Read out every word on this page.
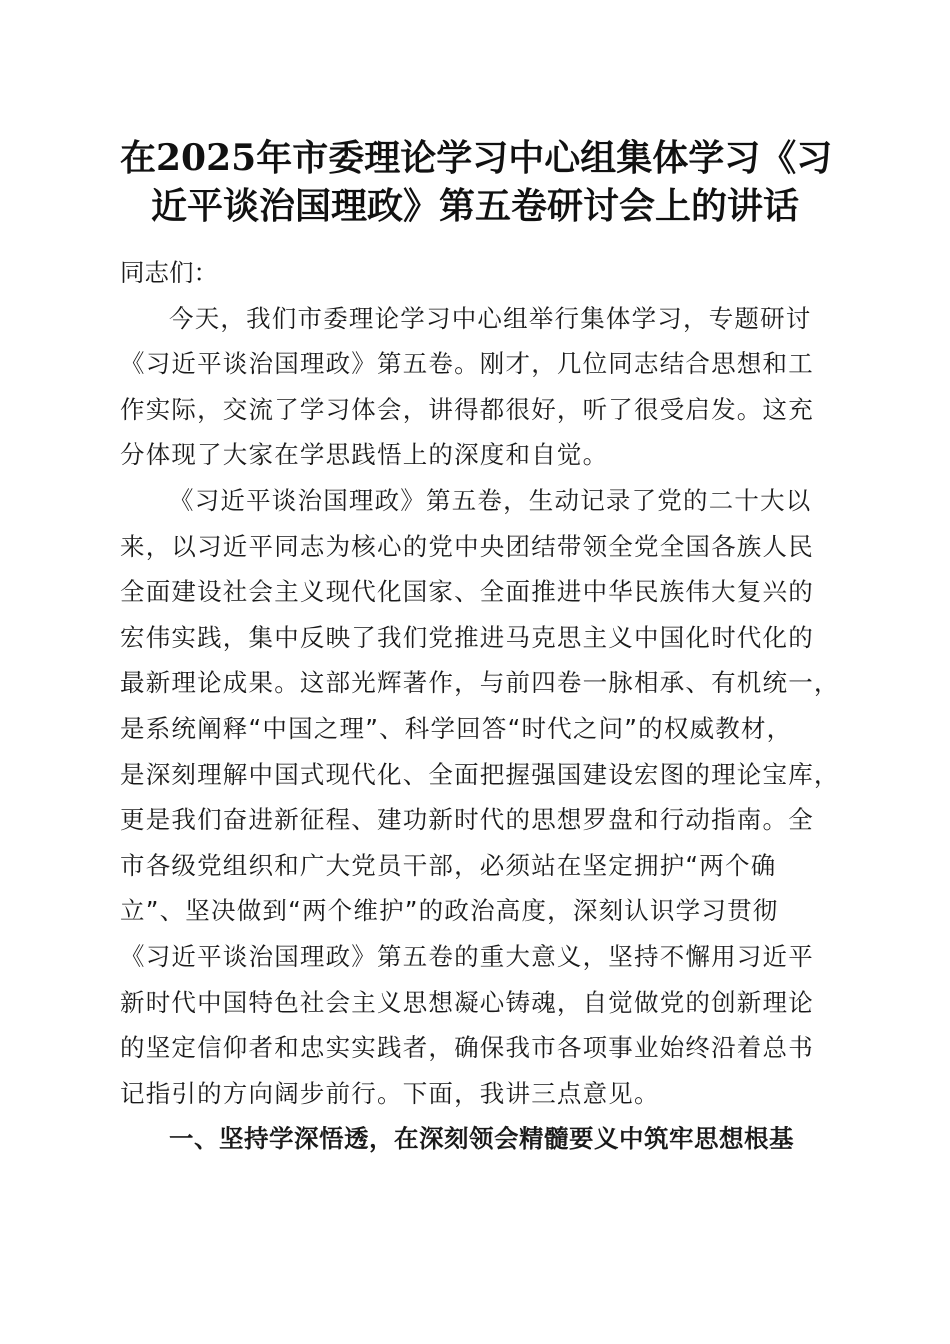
在2025年市委理论学习中心组集体学习《习
近平谈治国理政》第五卷研讨会上的讲话

同志们：

今天，我们市委理论学习中心组举行集体学习，专题研讨
《习近平谈治国理政》第五卷。刚才，几位同志结合思想和工
作实际，交流了学习体会，讲得都很好，听了很受启发。这充
分体现了大家在学思践悟上的深度和自觉。

《习近平谈治国理政》第五卷，生动记录了党的二十大以
来，以习近平同志为核心的党中央团结带领全党全国各族人民
全面建设社会主义现代化国家、全面推进中华民族伟大复兴的
宏伟实践，集中反映了我们党推进马克思主义中国化时代化的
最新理论成果。这部光辉著作，与前四卷一脉相承、有机统一，
是系统阐释“中国之理”、科学回答“时代之问”的权威教材，
是深刻理解中国式现代化、全面把握强国建设宏图的理论宝库，
更是我们奋进新征程、建功新时代的思想罗盘和行动指南。全
市各级党组织和广大党员干部，必须站在坚定拥护“两个确
立”、坚决做到“两个维护”的政治高度，深刻认识学习贯彻
《习近平谈治国理政》第五卷的重大意义，坚持不懈用习近平
新时代中国特色社会主义思想凝心铸魂，自觉做党的创新理论
的坚定信仰者和忠实实践者，确保我市各项事业始终沿着总书
记指引的方向阔步前行。下面，我讲三点意见。

一、坚持学深悟透，在深刻领会精髓要义中筑牢思想根基
